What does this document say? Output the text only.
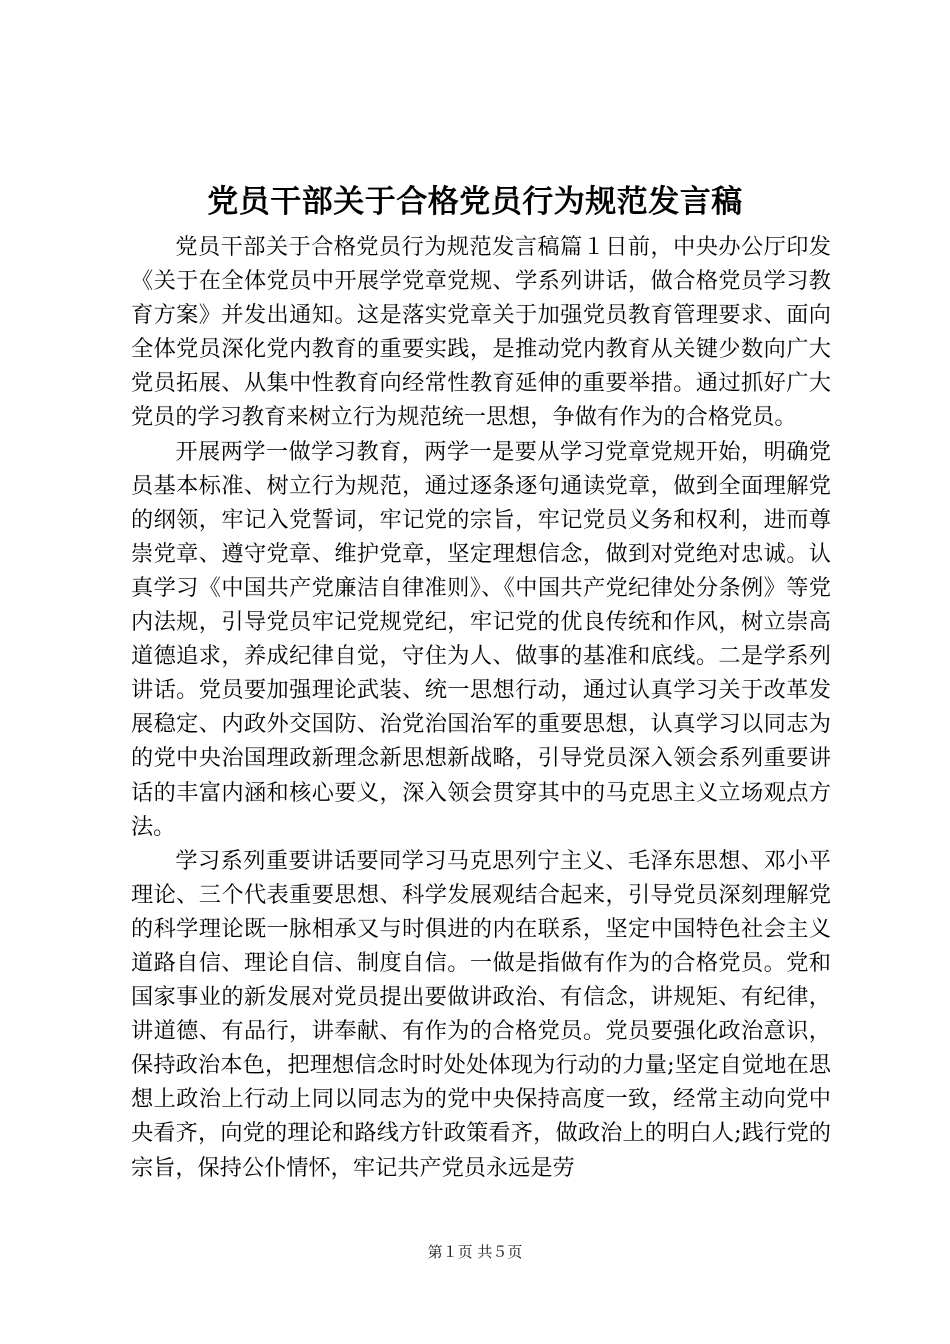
党员干部关于合格党员行为规范发言稿

党员干部关于合格党员行为规范发言稿篇１日前，中央办公厅印发《关于在全体党员中开展学党章党规、学系列讲话，做合格党员学习教育方案》并发出通知。这是落实党章关于加强党员教育管理要求、面向全体党员深化党内教育的重要实践，是推动党内教育从关键少数向广大党员拓展、从集中性教育向经常性教育延伸的重要举措。通过抓好广大党员的学习教育来树立行为规范统一思想，争做有作为的合格党员。

开展两学一做学习教育，两学一是要从学习党章党规开始，明确党员基本标准、树立行为规范，通过逐条逐句通读党章，做到全面理解党的纲领，牢记入党誓词，牢记党的宗旨，牢记党员义务和权利，进而尊崇党章、遵守党章、维护党章，坚定理想信念，做到对党绝对忠诚。认真学习《中国共产党廉洁自律准则》、《中国共产党纪律处分条例》等党内法规，引导党员牢记党规党纪，牢记党的优良传统和作风，树立崇高道德追求，养成纪律自觉，守住为人、做事的基准和底线。二是学系列讲话。党员要加强理论武装、统一思想行动，通过认真学习关于改革发展稳定、内政外交国防、治党治国治军的重要思想，认真学习以同志为的党中央治国理政新理念新思想新战略，引导党员深入领会系列重要讲话的丰富内涵和核心要义，深入领会贯穿其中的马克思主义立场观点方法。

学习系列重要讲话要同学习马克思列宁主义、毛泽东思想、邓小平理论、三个代表重要思想、科学发展观结合起来，引导党员深刻理解党的科学理论既一脉相承又与时俱进的内在联系，坚定中国特色社会主义道路自信、理论自信、制度自信。一做是指做有作为的合格党员。党和国家事业的新发展对党员提出要做讲政治、有信念，讲规矩、有纪律，讲道德、有品行，讲奉献、有作为的合格党员。党员要强化政治意识，保持政治本色，把理想信念时时处处体现为行动的力量;坚定自觉地在思想上政治上行动上同以同志为的党中央保持高度一致，经常主动向党中央看齐，向党的理论和路线方针政策看齐，做政治上的明白人;践行党的宗旨，保持公仆情怀，牢记共产党员永远是劳

第１页 共５页
